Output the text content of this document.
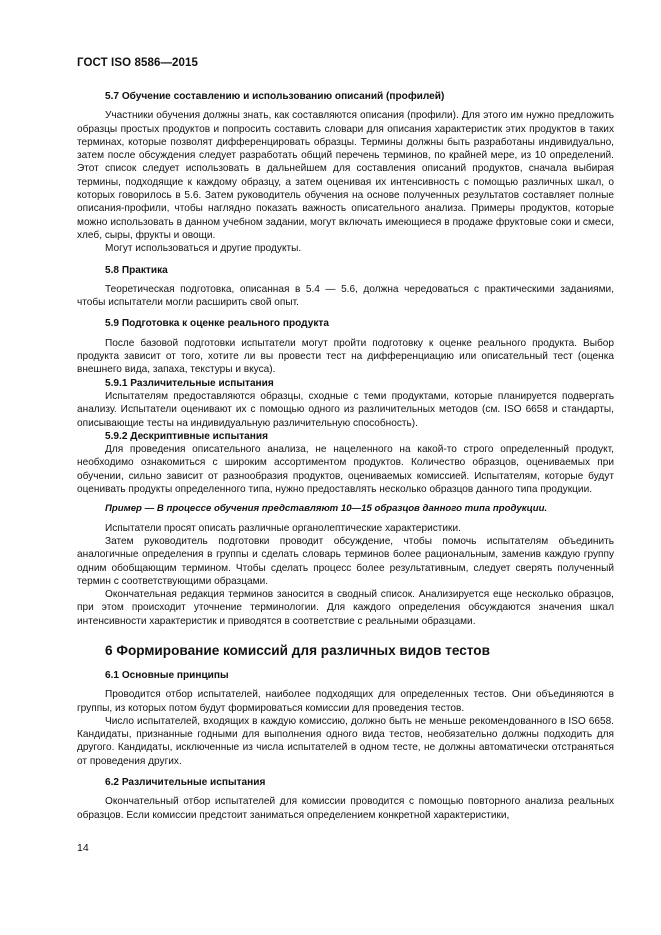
ГОСТ ISO 8586—2015
5.7 Обучение составлению и использованию описаний (профилей)

Участники обучения должны знать, как составляются описания (профили). Для этого им нужно предложить образцы простых продуктов и попросить составить словари для описания характеристик этих продуктов в таких терминах, которые позволят дифференцировать образцы. Термины должны быть разработаны индивидуально, затем после обсуждения следует разработать общий перечень терминов, по крайней мере, из 10 определений. Этот список следует использовать в дальнейшем для составления описаний продуктов, сначала выбирая термины, подходящие к каждому образцу, а затем оценивая их интенсивность с помощью различных шкал, о которых говорилось в 5.6. Затем руководитель обучения на основе полученных результатов составляет полные описания-профили, чтобы наглядно показать важность описательного анализа. Примеры продуктов, которые можно использовать в данном учебном задании, могут включать имеющиеся в продаже фруктовые соки и смеси, хлеб, сыры, фрукты и овощи.

Могут использоваться и другие продукты.

5.8 Практика

Теоретическая подготовка, описанная в 5.4 — 5.6, должна чередоваться с практическими заданиями, чтобы испытатели могли расширить свой опыт.

5.9 Подготовка к оценке реального продукта

После базовой подготовки испытатели могут пройти подготовку к оценке реального продукта. Выбор продукта зависит от того, хотите ли вы провести тест на дифференциацию или описательный тест (оценка внешнего вида, запаха, текстуры и вкуса).

5.9.1 Различительные испытания

Испытателям предоставляются образцы, сходные с теми продуктами, которые планируется подвергать анализу. Испытатели оценивают их с помощью одного из различительных методов (см. ISO 6658 и стандарты, описывающие тесты на индивидуальную различительную способность).

5.9.2 Дескриптивные испытания

Для проведения описательного анализа, не нацеленного на какой-то строго определенный продукт, необходимо ознакомиться с широким ассортиментом продуктов. Количество образцов, оцениваемых при обучении, сильно зависит от разнообразия продуктов, оцениваемых комиссией. Испытателям, которые будут оценивать продукты определенного типа, нужно предоставлять несколько образцов данного типа продукции.

Пример — В процессе обучения представляют 10—15 образцов данного типа продукции.

Испытатели просят описать различные органолептические характеристики.

Затем руководитель подготовки проводит обсуждение, чтобы помочь испытателям объединить аналогичные определения в группы и сделать словарь терминов более рациональным, заменив каждую группу одним обобщающим термином. Чтобы сделать процесс более результативным, следует сверять полученный термин с соответствующими образцами.

Окончательная редакция терминов заносится в сводный список. Анализируется еще несколько образцов, при этом происходит уточнение терминологии. Для каждого определения обсуждаются значения шкал интенсивности характеристик и приводятся в соответствие с реальными образцами.

6 Формирование комиссий для различных видов тестов
6.1 Основные принципы

Проводится отбор испытателей, наиболее подходящих для определенных тестов. Они объединяются в группы, из которых потом будут формироваться комиссии для проведения тестов.

Число испытателей, входящих в каждую комиссию, должно быть не меньше рекомендованного в ISO 6658. Кандидаты, признанные годными для выполнения одного вида тестов, необязательно должны подходить для другого. Кандидаты, исключенные из числа испытателей в одном тесте, не должны автоматически отстраняться от проведения других.

6.2 Различительные испытания

Окончательный отбор испытателей для комиссии проводится с помощью повторного анализа реальных образцов. Если комиссии предстоит заниматься определением конкретной характеристики,

14
